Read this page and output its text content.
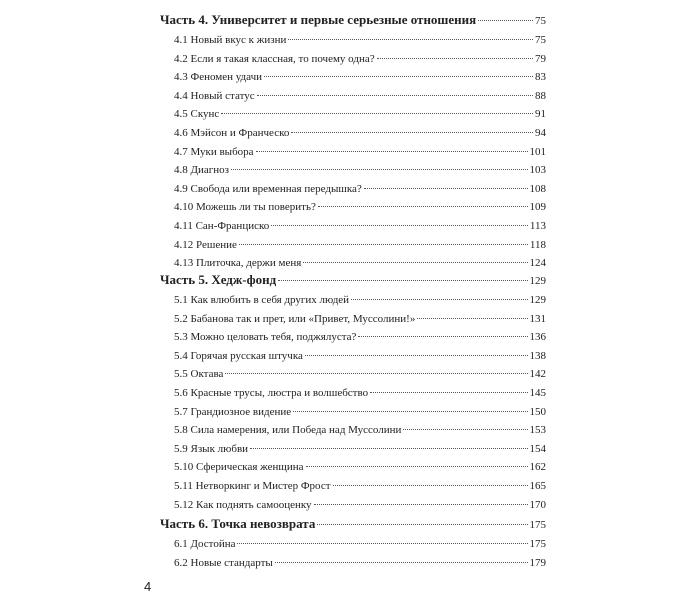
Часть 4. Университет и первые серьезные отношения	75
4.1 Новый вкус к жизни	75
4.2 Если я такая классная, то почему одна?	79
4.3 Феномен удачи	83
4.4 Новый статус	88
4.5 Скунс	91
4.6 Мэйсон и Франческо	94
4.7 Муки выбора	101
4.8 Диагноз	103
4.9 Свобода или временная передышка?	108
4.10 Можешь ли ты поверить?	109
4.11 Сан-Франциско	113
4.12 Решение	118
4.13 Плиточка, держи меня	124
Часть 5. Хедж-фонд	129
5.1 Как влюбить в себя других людей	129
5.2 Бабанова так и прет, или «Привет, Муссолини!»	131
5.3 Можно целовать тебя, поджялуста?	136
5.4 Горячая русская штучка	138
5.5 Октава	142
5.6 Красные трусы, люстра и волшебство	145
5.7 Грандиозное видение	150
5.8 Сила намерения, или Победа над Муссолини	153
5.9 Язык любви	154
5.10 Сферическая женщина	162
5.11 Нетворкинг и Мистер Фрост	165
5.12 Как поднять самооценку	170
Часть 6. Точка невозврата	175
6.1 Достойна	175
6.2 Новые стандарты	179
4
